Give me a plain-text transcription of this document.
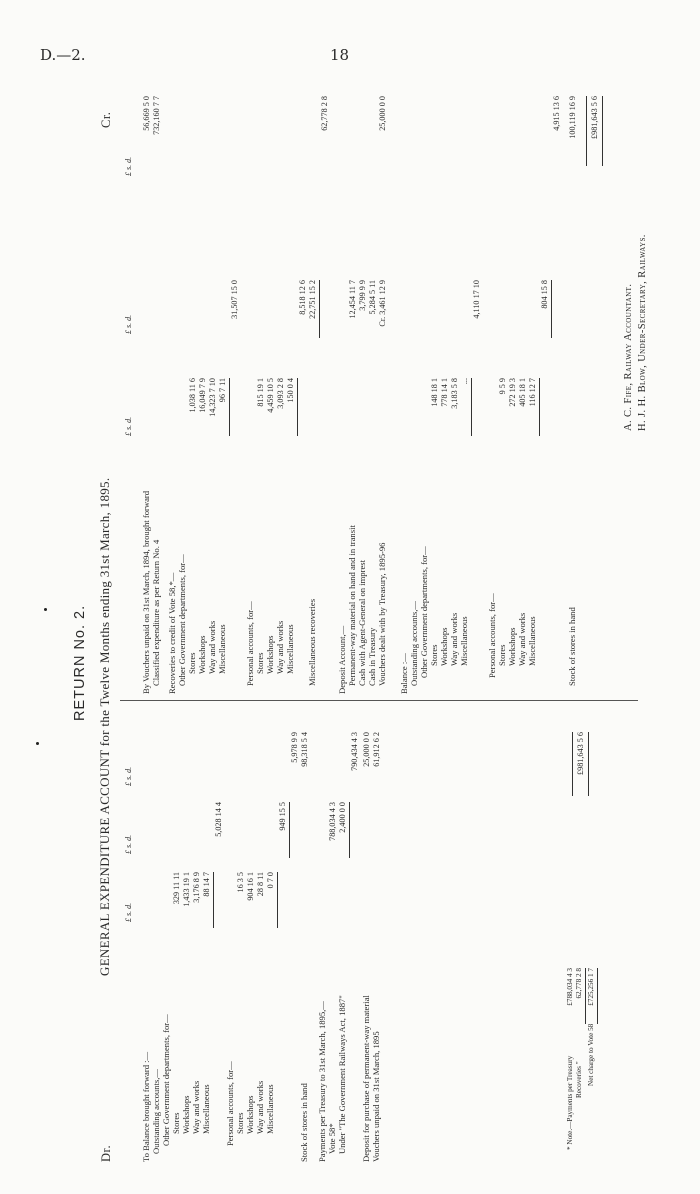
D.—2.	18
RETURN No. 2. GENERAL EXPENDITURE ACCOUNT for the Twelve Months ending 31st March, 1895.
Dr.
Cr.
£ s. d.
£ s. d.
£ s. d.
£ s. d.
£ s. d.
£ s. d.
To Balance brought forward :— Outstanding accounts,— Other Government departments, for— Stores Workshops Way and works Miscellaneous
329 11 11 1,433 19 1 3,176 8 9 88 14 7
5,028 14 4
Personal accounts, for— Stores Workshops Way and works Miscellaneous
16 3 5 904 16 1 28 8 11 0 7 0
949 15 5
5,978 9 9
Stock of stores in hand
98,318 5 4
Payments per Treasury to 31st March, 1895,— Vote 58*
788,034 4 3
Under "The Government Railways Act, 1887"
2,400 0 0
790,434 4 3
Deposit for purchase of permanent-way material
25,000 0 0
Vouchers unpaid on 31st March, 1895
61,912 6 2	£981,643 5 6
* Note.—Payments per Treasury
£788,034 4 3
Recoveries "
62,778 2 8
Net charge to Vote 58
£725,256 1 7
By Vouchers unpaid on 31st March, 1894, brought forward
56,669 5 0
Classified expenditure as per Return No. 4
732,160 7 7
Recoveries to credit of Vote 58,*— Other Government departments, for— Stores Workshops Way and works Miscellaneous
1,038 11 6 16,049 7 9 14,323 7 10 96 7 11
31,507 15 0
Personal accounts, for— Stores Workshops Way and works Miscellaneous
815 19 1 4,459 10 5 3,093 2 8 150 0 4
8,518 12 6
Miscellaneous recoveries
22,751 15 2
62,778 2 8
Deposit Account,— Permanent-way material on hand and in transit Cash with Agent-General on imprest Cash in Treasury Vouchers dealt with by Treasury, 1895-96
12,454 11 7 3,799 9 9 5,284 5 11 Cr. 3,461 12 9
25,000 0 0
Balance :— Outstanding accounts,— Other Government departments, for— Stores Workshops Way and works Miscellaneous
148 18 1 778 14 1 3,183 5 8 ...
4,110 17 10
Personal accounts, for— Stores Workshops Way and works Miscellaneous
9 5 9 272 19 3 405 18 1 116 12 7
804 15 8
4,915 13 6
Stock of stores in hand
100,119 16 9 £981,643 5 6
A. C. Fife, Railway Accountant. H. J. H. Blow, Under-Secretary, Railways.
